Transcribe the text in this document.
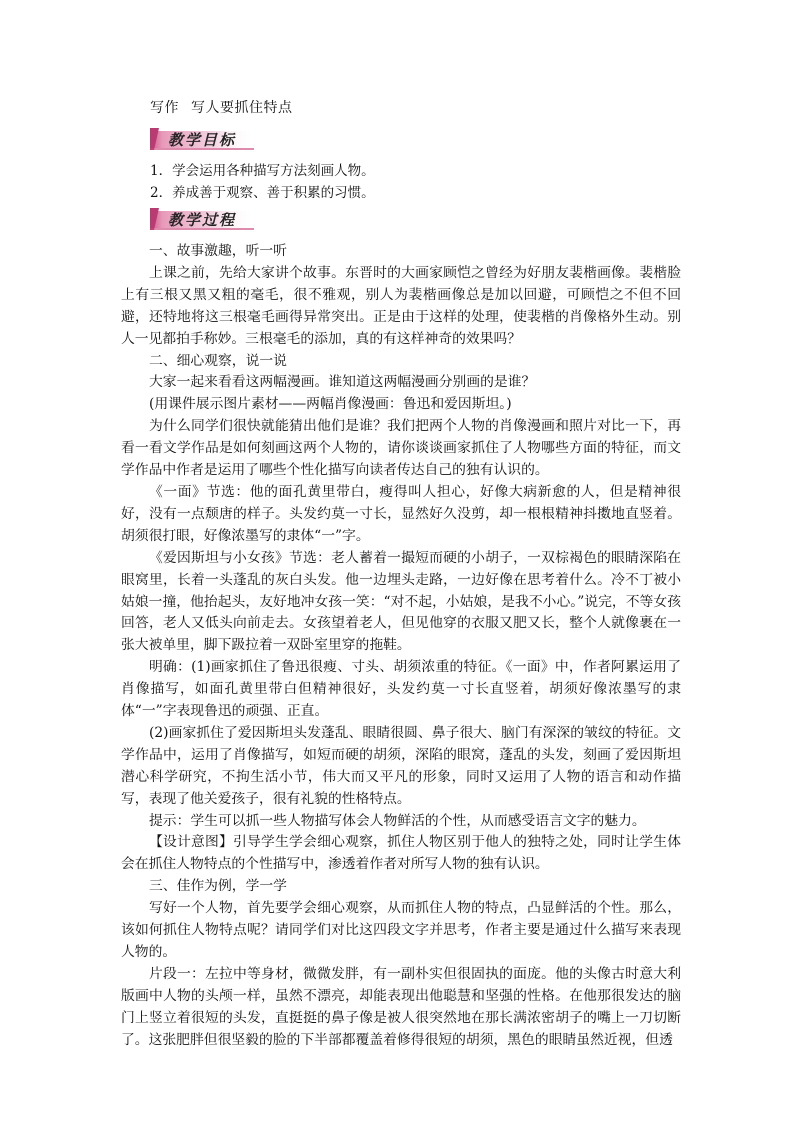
写作 写人要抓住特点
教学目标
1．学会运用各种描写方法刻画人物。
2．养成善于观察、善于积累的习惯。
教学过程

一、故事激趣，听一听

上课之前，先给大家讲个故事。东晋时的大画家顾恺之曾经为好朋友裴楷画像。裴楷脸上有三根又黑又粗的毫毛，很不雅观，别人为裴楷画像总是加以回避，可顾恺之不但不回避，还特地将这三根毫毛画得异常突出。正是由于这样的处理，使裴楷的肖像格外生动。别人一见都拍手称妙。三根毫毛的添加，真的有这样神奇的效果吗？

二、细心观察，说一说

大家一起来看看这两幅漫画。谁知道这两幅漫画分别画的是谁？

(用课件展示图片素材——两幅肖像漫画：鲁迅和爱因斯坦。)

为什么同学们很快就能猜出他们是谁？我们把两个人物的肖像漫画和照片对比一下，再看一看文学作品是如何刻画这两个人物的，请你谈谈画家抓住了人物哪些方面的特征，而文学作品中作者是运用了哪些个性化描写向读者传达自己的独有认识的。

《一面》节选：他的面孔黄里带白，瘦得叫人担心，好像大病新愈的人，但是精神很好，没有一点颓唐的样子。头发约莫一寸长，显然好久没剪，却一根根精神抖擞地直竖着。胡须很打眼，好像浓墨写的隶体“一”字。

《爱因斯坦与小女孩》节选：老人蓄着一撮短而硬的小胡子，一双棕褐色的眼睛深陷在眼窝里，长着一头蓬乱的灰白头发。他一边埋头走路，一边好像在思考着什么。冷不丁被小姑娘一撞，他抬起头，友好地冲女孩一笑：“对不起，小姑娘，是我不小心。”说完，不等女孩回答，老人又低头向前走去。女孩望着老人，但见他穿的衣服又肥又长，整个人就像裹在一张大被单里，脚下趿拉着一双卧室里穿的拖鞋。

明确：(1)画家抓住了鲁迅很瘦、寸头、胡须浓重的特征。《一面》中，作者阿累运用了肖像描写，如面孔黄里带白但精神很好，头发约莫一寸长直竖着，胡须好像浓墨写的隶体“一”字表现鲁迅的顽强、正直。

(2)画家抓住了爱因斯坦头发蓬乱、眼睛很圆、鼻子很大、脑门有深深的皱纹的特征。文学作品中，运用了肖像描写，如短而硬的胡须，深陷的眼窝，蓬乱的头发，刻画了爱因斯坦潜心科学研究，不拘生活小节，伟大而又平凡的形象，同时又运用了人物的语言和动作描写，表现了他关爱孩子，很有礼貌的性格特点。

提示：学生可以抓一些人物描写体会人物鲜活的个性，从而感受语言文字的魅力。

【设计意图】引导学生学会细心观察，抓住人物区别于他人的独特之处，同时让学生体会在抓住人物特点的个性描写中，渗透着作者对所写人物的独有认识。

三、佳作为例，学一学

写好一个人物，首先要学会细心观察，从而抓住人物的特点，凸显鲜活的个性。那么，该如何抓住人物特点呢？请同学们对比这四段文字并思考，作者主要是通过什么描写来表现人物的。

片段一：左拉中等身材，微微发胖，有一副朴实但很固执的面庞。他的头像古时意大利版画中人物的头颅一样，虽然不漂亮，却能表现出他聪慧和坚强的性格。在他那很发达的脑门上竖立着很短的头发，直挺挺的鼻子像是被人很突然地在那长满浓密胡子的嘴上一刀切断了。这张肥胖但很坚毅的脸的下半部都覆盖着修得很短的胡须，黑色的眼睛虽然近视，但透
